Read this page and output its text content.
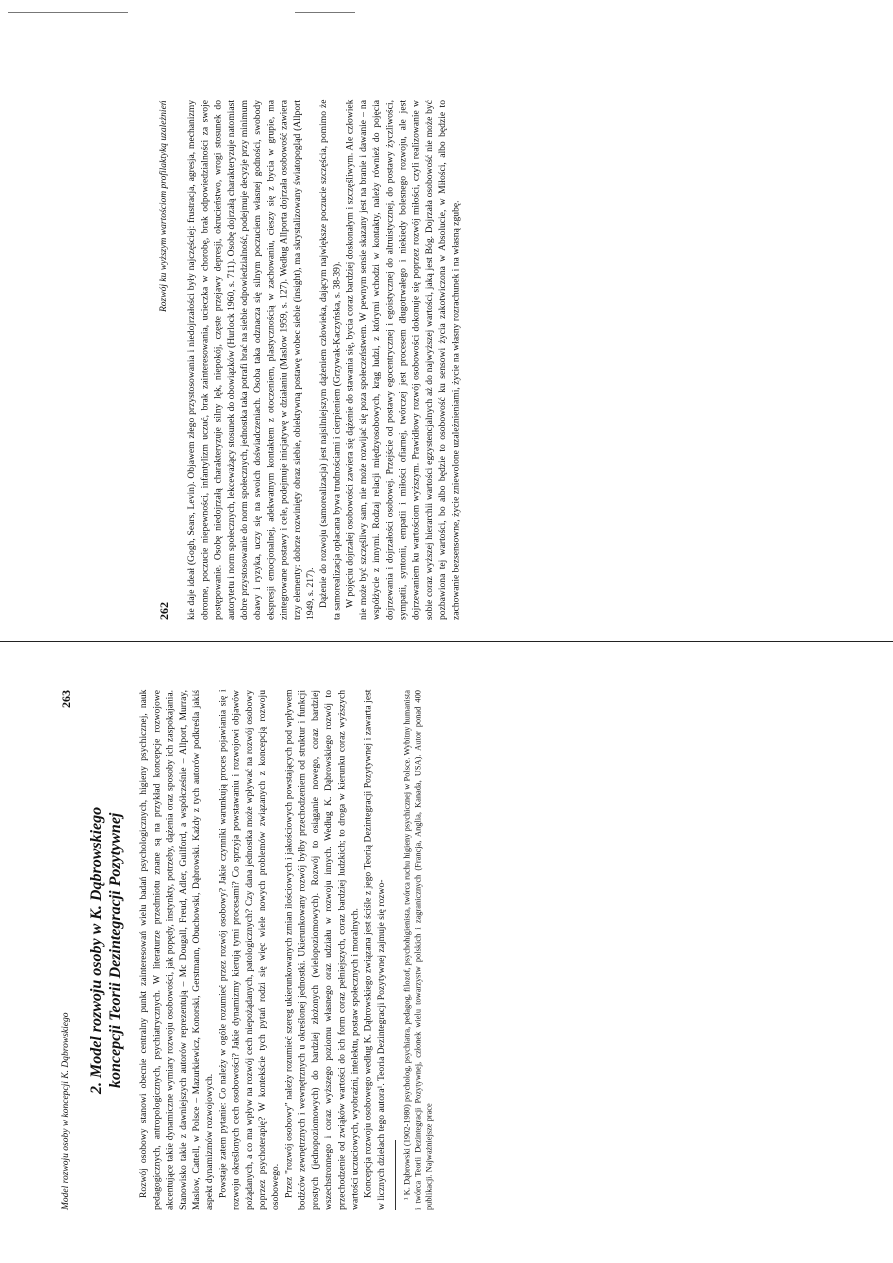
262
Rozwój ku wyższym wartościom profilaktyką uzależnień kie daje ideał (Gogh, Sears, Levin). Objawem złego przystosowania i niedojrzałości były najczęściej: frustracja, agresja, mechanizmy obronne, poczucie niepewności, infantylizm uczuć, brak zainteresowania, ucieczka w chorobę, brak odpowiedzialności za swoje postępowanie. Osobę niedojrzałą charakteryzuje silny lęk, niepokój, częste przejawy depresji, okrucieństwo, wrogi stosunek do autorytetu i norm społecznych, lekceważący stosunek do obowiązków (Hurlock 1960, s. 711). Osobę dojrzałą charakteryzuje natomiast dobre przystosowanie do norm społecznych, jednostka taka potrafi brać na siebie odpowiedzialność, podejmuje decyzje przy minimum obawy i ryzyka, uczy się na swoich doświadczeniach. Osoba taka odznacza się silnym poczuciem własnej godności, swobody ekspresji emocjonalnej, adekwatnym kontaktem z otoczeniem, plastycznością w zachowaniu, cieszy się z bycia w grupie, ma zintegrowane postawy i cele, podejmuje inicjatywę w działaniu (Maslow 1959, s. 127). Według Allporta dojrzała osobowość zawiera trzy elementy: dobrze rozwinięty obraz siebie, obiektywną postawę wobec siebie (insight), ma skrystalizowany światopogląd (Allport 1949, s. 217). Dążenie do rozwoju (samorealizacja) jest najsilniejszym dążeniem człowieka, dającym największe poczucie szczęścia, pomimo że ta samorealizacja opłacana bywa trudnościami i cierpieniem (Grzywak-Kaczyńska, s. 38-39). W pojęciu dojrzałej osobowości zawiera się dążenie do stawania się, bycia coraz bardziej doskonałym i szczęśliwym. Ale człowiek nie może być szczęśliwy sam, nie może rozwijać się poza społeczeństwem. W pewnym sensie skazany jest na branie i dawanie – na współżycie z innymi. Rodzaj relacji międzyosobowych, krąg ludzi, z którymi wchodzi w kontakty, należy również do pojęcia dojrzewania i dojrzałości osobowej. Przejście od postawy egocentrycznej i egoistycznej do altruistycznej, do postawy życzliwości, sympatii, syntonii, empatii i miłości ofiarnej, twórczej jest procesem długotrwałego i niekiedy bolesnego rozwoju, ale jest dojrzewaniem ku wartościom wyższym. Prawidłowy rozwój osobowości dokonuje się poprzez rozwój miłości, czyli realizowanie w sobie coraz wyższej hierarchii wartości egzystencjalnych aż do najwyższej wartości, jaką jest Bóg. Dojrzała osobowość nie może być pozbawiona tej wartości, bo albo będzie to osobowość ku sensowi życia zakotwiczona w Absolucie, w Miłości, albo będzie to zachowanie bezsensowne, życie zniewolone uzależnieniami, życie na własny rozrachunek i na własną zgubę.

Model rozwoju osoby w koncepcji K. Dąbrowskiego
263
2. Model rozwoju osoby w K. Dąbrowskiego koncepcji Teorii Dezintegracji Pozytywnej Rozwój osobowy stanowi obecnie centralny punkt zainteresowań wielu badań psychologicznych, higieny psychicznej, nauk pedagogicznych, antropologicznych, psychiatrycznych. W literaturze przedmiotu znane są na przykład koncepcje rozwojowe akcentujące takie dynamiczne wymiary rozwoju osobowości, jak popędy, instynkty, potrzeby, dążenia oraz sposoby ich zaspokajania. Stanowisko takie z dawniejszych autorów reprezentują – Mc Dougall, Freud, Adler, Guilford, a współcześnie – Allport, Murray, Maslow, Cattell, w Polsce – Mazurkiewicz, Konorski, Gerstmann, Obuchowski, Dąbrowski. Każdy z tych autorów podkreśla jakiś aspekt dynamizmów rozwojowych. Powstaje zatem pytanie: Co należy w ogóle rozumieć przez rozwój osobowy? Jakie czynniki warunkują proces pojawiania się i rozwoju określonych cech osobowości? Jakie dynamizmy kierują tymi procesami? Co sprzyja powstawaniu i rozwojowi objawów pożądanych, a co ma wpływ na rozwój cech niepożądanych, patologicznych? Czy dana jednostka może wpływać na rozwój osobowy poprzez psychoterapię? W kontekście tych pytań rodzi się więc wiele nowych problemów związanych z koncepcją rozwoju osobowego. Przez "rozwój osobowy" należy rozumieć szereg ukierunkowanych zmian ilościowych i jakościowych powstających pod wpływem bodźców zewnętrznych i wewnętrznych u określonej jednostki. Ukierunkowany rozwój byłby przechodzeniem od struktur i funkcji prostych (jednopoziomowych) do bardziej złożonych (wielopoziomowych). Rozwój to osiąganie nowego, coraz bardziej wszechstronnego i coraz wyższego poziomu własnego oraz udziału w rozwoju innych. Według K. Dąbrowskiego rozwój to przechodzenie od zwiąków wartości do ich form coraz pełniejszych, coraz bardziej ludzkich; to droga w kierunku coraz wyższych wartości uczuciowych, wyobraźni, intelektu, postaw społecznych i moralnych. Koncepcja rozwoju osobowego według K. Dąbrowskiego związana jest ściśle z jego Teorią Dezintegracji Pozytywnej i zawarta jest w licznych dziełach tego autora¹. Teoria Dezintegracji Pozytywnej zajmuje się rozwo- ¹ K. Dąbrowski (1902-1980) psycholog, psychiatra, pedagog, filozof, psychohigienista, twórca ruchu higieny psychicznej w Polsce. Wybitny humanista i twórca Teorii Dezintegracji Pozytywnej, członek wielu towarzystw polskich i zagranicznych (Francja, Anglia, Kanada, USA). Autor ponad 400 publikacji. Najważniejsze prace
